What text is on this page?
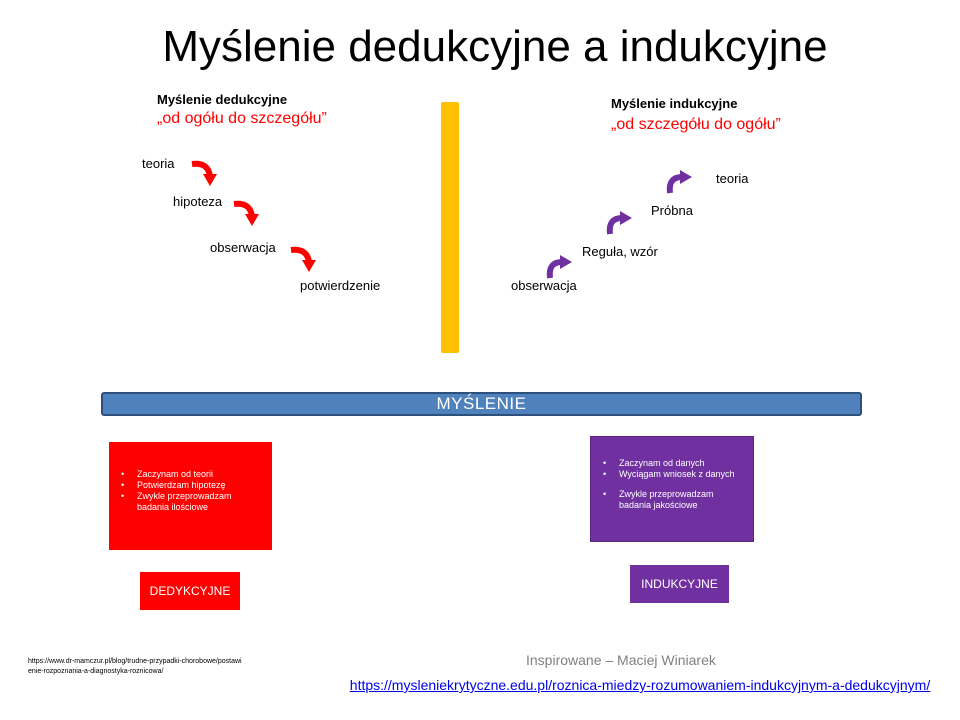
Myślenie dedukcyjne a indukcyjne
Myślenie dedukcyjne
„od ogółu do szczegółu”
teoria
hipoteza
obserwacja
potwierdzenie
Myślenie indukcyjne
„od szczegółu do ogółu”
obserwacja
Reguła, wzór
Próbna
teoria
MYŚLENIE
• Zaczynam od teorii
• Potwierdzam hipotezę
• Zwykle przeprowadzam badania ilościowe
DEDYKCYJNE
• Zaczynam od danych
• Wyciągam wniosek z danych
• Zwykle przeprowadzam badania jakościowe
INDUKCYJNE
https://www.dr-mamczur.pl/blog/trudne-przypadki-chorobowe/postawienie-rozpoznania-a-diagnostyka-roznicowa/
Inspirowane – Maciej Winiarek
https://mysleniekrytyczne.edu.pl/roznica-miedzy-rozumowaniem-indukcyjnym-a-dedukcyjnym/
